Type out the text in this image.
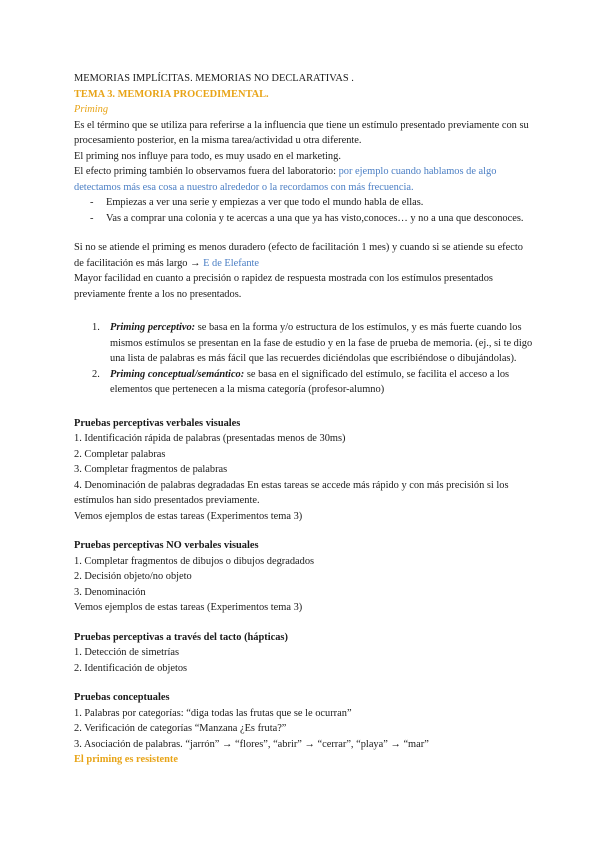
MEMORIAS IMPLÍCITAS. MEMORIAS NO DECLARATIVAS .

TEMA 3. MEMORIA PROCEDIMENTAL.

Priming

Es el término que se utiliza para referirse a la influencia que tiene un estímulo presentado previamente con su procesamiento posterior, en la misma tarea/actividad u otra diferente.

El priming nos influye para todo, es muy usado en el marketing.

El efecto priming también lo observamos fuera del laboratorio: por ejemplo cuando hablamos de algo detectamos más esa cosa a nuestro alrededor o la recordamos con más frecuencia.

- Empiezas a ver una serie y empiezas a ver que todo el mundo habla de ellas.
- Vas a comprar una colonia y te acercas a una que ya has visto,conoces… y no a una que desconoces.

Si no se atiende el priming es menos duradero (efecto de facilitación 1 mes) y cuando si se atiende su efecto de facilitación es más largo → E de Elefante

Mayor facilidad en cuanto a precisión o rapidez de respuesta mostrada con los estímulos presentados previamente frente a los no presentados.

1. Priming perceptivo: se basa en la forma y/o estructura de los estímulos, y es más fuerte cuando los mismos estímulos se presentan en la fase de estudio y en la fase de prueba de memoria. (ej., si te digo una lista de palabras es más fácil que las recuerdes diciéndolas que escribiéndose o dibujándolas).
2. Priming conceptual/semántico: se basa en el significado del estímulo, se facilita el acceso a los elementos que pertenecen a la misma categoría (profesor-alumno)

Pruebas perceptivas verbales visuales

1. Identificación rápida de palabras (presentadas menos de 30ms)

2. Completar palabras

3. Completar fragmentos de palabras

4. Denominación de palabras degradadas En estas tareas se accede más rápido y con más precisión si los estímulos han sido presentados previamente.

Vemos ejemplos de estas tareas (Experimentos tema 3)

Pruebas perceptivas NO verbales visuales

1. Completar fragmentos de dibujos o dibujos degradados

2. Decisión objeto/no objeto

3. Denominación

Vemos ejemplos de estas tareas (Experimentos tema 3)

Pruebas perceptivas a través del tacto (hápticas)

1. Detección de simetrías

2. Identificación de objetos

Pruebas conceptuales

1. Palabras por categorías: “diga todas las frutas que se le ocurran”

2. Verificación de categorías “Manzana ¿Es fruta?”

3. Asociación de palabras. “jarrón” → “flores”, “abrir” → “cerrar”, “playa” → “mar”

El priming es resistente
